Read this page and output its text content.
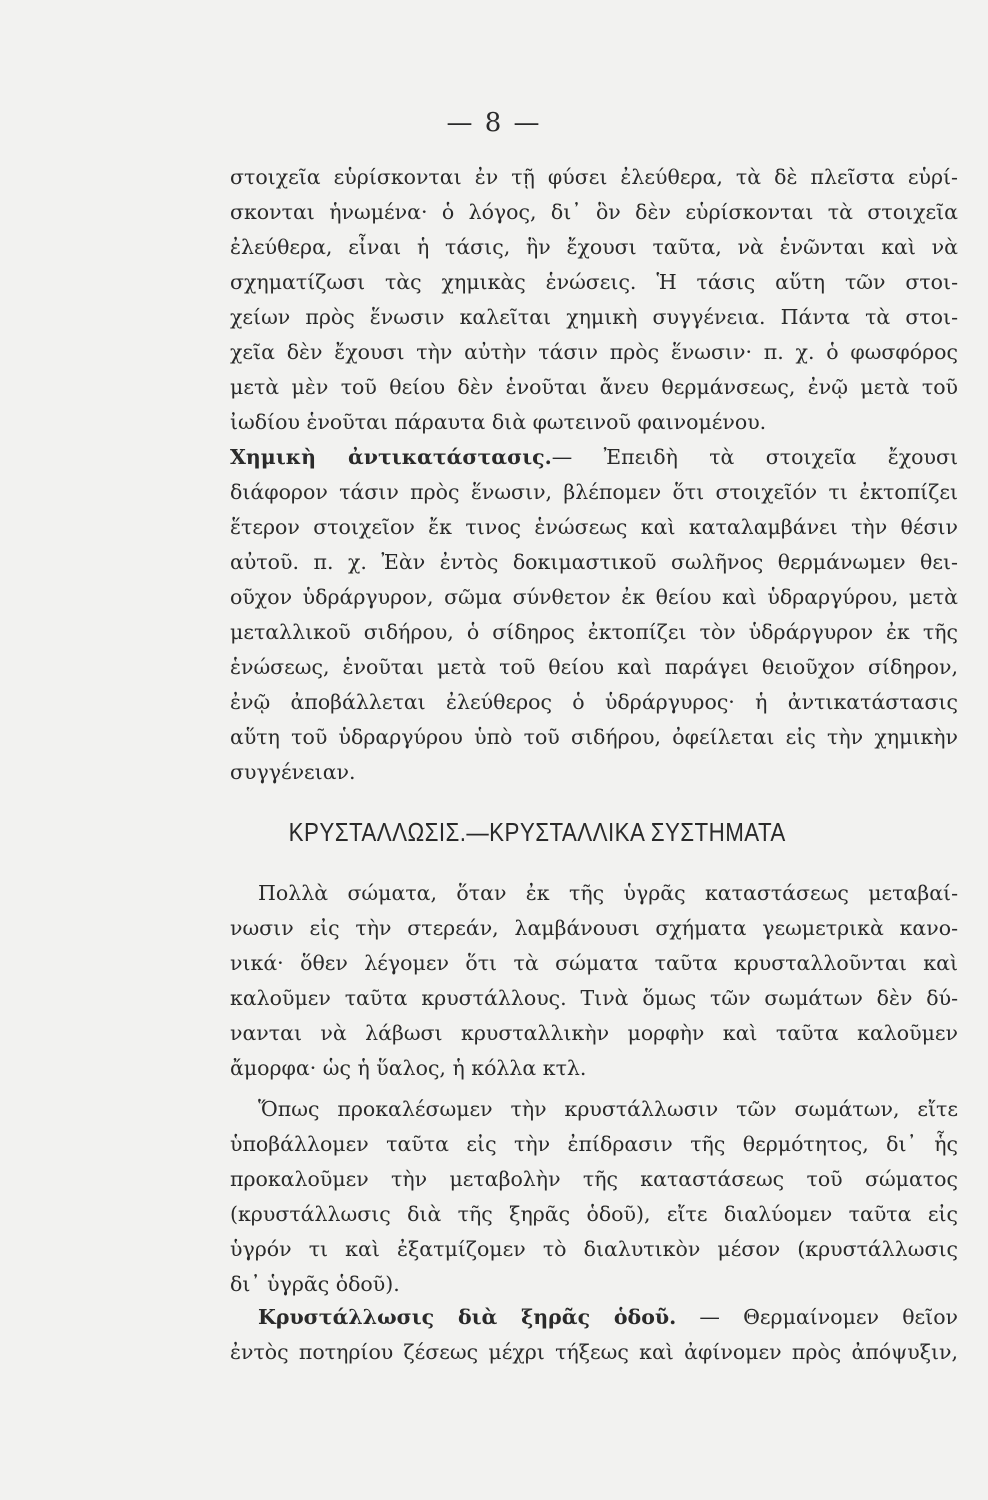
— 8 —
στοιχεῖα εὑρίσκονται ἐν τῇ φύσει ἐλεύθερα, τὰ δὲ πλεῖστα εὑρί-
σκονται ἡνωμένα· ὁ λόγος, δι᾽ ὃν δὲν εὑρίσκονται τὰ στοιχεῖα
ἐλεύθερα, εἶναι ἡ τάσις, ἣν ἔχουσι ταῦτα, νὰ ἑνῶνται καὶ νὰ
σχηματίζωσι τὰς χημικὰς ἑνώσεις. Ἡ τάσις αὕτη τῶν στοι-
χείων πρὸς ἕνωσιν καλεῖται χημικὴ συγγένεια. Πάντα τὰ στοι-
χεῖα δὲν ἔχουσι τὴν αὐτὴν τάσιν πρὸς ἕνωσιν· π. χ. ὁ φωσφόρος
μετὰ μὲν τοῦ θείου δὲν ἑνοῦται ἄνευ θερμάνσεως, ἐνῷ μετὰ τοῦ
ἰωδίου ἑνοῦται πάραυτα διὰ φωτεινοῦ φαινομένου.
Χημικὴ ἀντικατάστασις.— Ἐπειδὴ τὰ στοιχεῖα ἔχουσι
διάφορον τάσιν πρὸς ἕνωσιν, βλέπομεν ὅτι στοιχεῖόν τι ἐκτοπίζει
ἕτερον στοιχεῖον ἔκ τινος ἑνώσεως καὶ καταλαμβάνει τὴν θέσιν
αὐτοῦ. π. χ. Ἐὰν ἐντὸς δοκιμαστικοῦ σωλῆνος θερμάνωμεν θει-
οῦχον ὑδράργυρον, σῶμα σύνθετον ἐκ θείου καὶ ὑδραργύρου, μετὰ
μεταλλικοῦ σιδήρου, ὁ σίδηρος ἐκτοπίζει τὸν ὑδράργυρον ἐκ τῆς
ἑνώσεως, ἑνοῦται μετὰ τοῦ θείου καὶ παράγει θειοῦχον σίδηρον,
ἐνῷ ἀποβάλλεται ἐλεύθερος ὁ ὑδράργυρος· ἡ ἀντικατάστασις
αὕτη τοῦ ὑδραργύρου ὑπὸ τοῦ σιδήρου, ὀφείλεται εἰς τὴν χημικὴν
συγγένειαν.
ΚΡΥΣΤΑΛΛΩΣΙΣ.—ΚΡΥΣΤΑΛΛΙΚΑ ΣΥΣΤΗΜΑΤΑ
Πολλὰ σώματα, ὅταν ἐκ τῆς ὑγρᾶς καταστάσεως μεταβαί-
νωσιν εἰς τὴν στερεάν, λαμβάνουσι σχήματα γεωμετρικὰ κανο-
νικά· ὅθεν λέγομεν ὅτι τὰ σώματα ταῦτα κρυσταλλοῦνται καὶ
καλοῦμεν ταῦτα κρυστάλλους. Τινὰ ὅμως τῶν σωμάτων δὲν δύ-
νανται νὰ λάβωσι κρυσταλλικὴν μορφὴν καὶ ταῦτα καλοῦμεν
ἄμορφα· ὡς ἡ ὕαλος, ἡ κόλλα κτλ.
Ὅπως προκαλέσωμεν τὴν κρυστάλλωσιν τῶν σωμάτων, εἴτε
ὑποβάλλομεν ταῦτα εἰς τὴν ἐπίδρασιν τῆς θερμότητος, δι᾽ ἧς
προκαλοῦμεν τὴν μεταβολὴν τῆς καταστάσεως τοῦ σώματος
(κρυστάλλωσις διὰ τῆς ξηρᾶς ὁδοῦ), εἴτε διαλύομεν ταῦτα εἰς
ὑγρόν τι καὶ ἐξατμίζομεν τὸ διαλυτικὸν μέσον (κρυστάλλωσις
δι᾽ ὑγρᾶς ὁδοῦ).
Κρυστάλλωσις διὰ ξηρᾶς ὁδοῦ. — Θερμαίνομεν θεῖον
ἐντὸς ποτηρίου ζέσεως μέχρι τήξεως καὶ ἀφίνομεν πρὸς ἀπόψυξιν,
